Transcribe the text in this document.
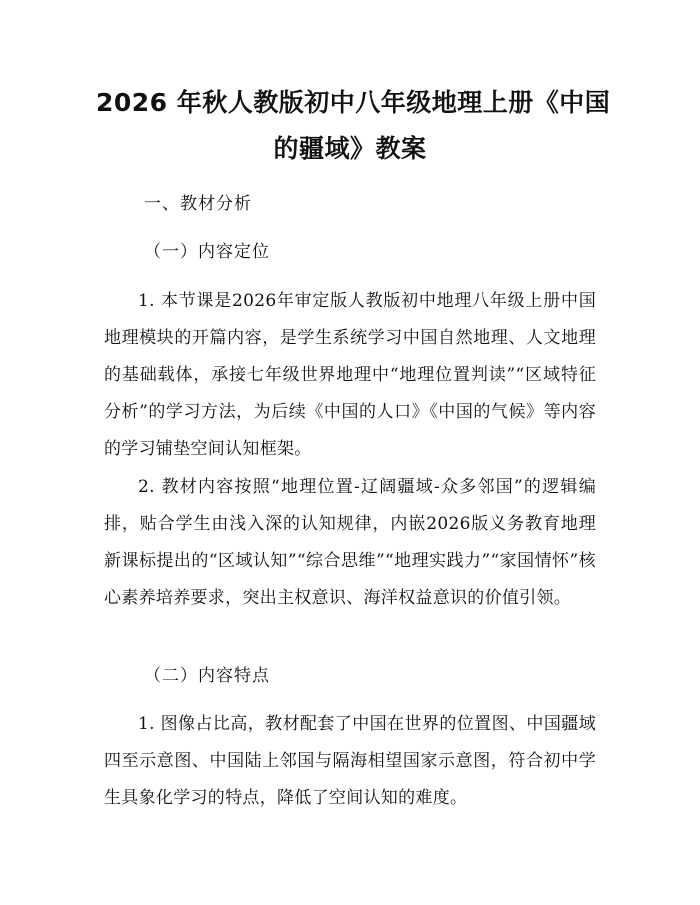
2026 年秋人教版初中八年级地理上册《中国
的疆域》教案
一、教材分析
（一）内容定位
1. 本节课是2026年审定版人教版初中地理八年级上册中国地理模块的开篇内容，是学生系统学习中国自然地理、人文地理的基础载体，承接七年级世界地理中“地理位置判读”“区域特征分析”的学习方法，为后续《中国的人口》《中国的气候》等内容的学习铺垫空间认知框架。
2. 教材内容按照“地理位置-辽阔疆域-众多邻国”的逻辑编排，贴合学生由浅入深的认知规律，内嵌2026版义务教育地理新课标提出的“区域认知”“综合思维”“地理实践力”“家国情怀”核心素养培养要求，突出主权意识、海洋权益意识的价值引领。
（二）内容特点
1. 图像占比高，教材配套了中国在世界的位置图、中国疆域四至示意图、中国陆上邻国与隔海相望国家示意图，符合初中学生具象化学习的特点，降低了空间认知的难度。
